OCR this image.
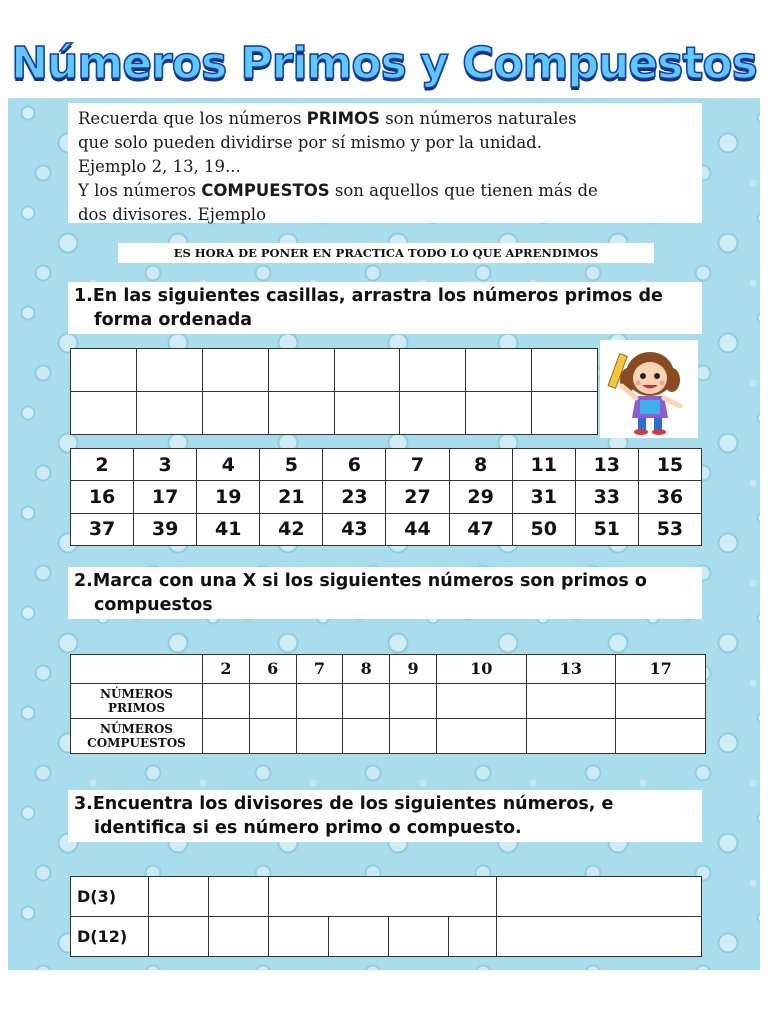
Números Primos y Compuestos
Recuerda que los números PRIMOS son números naturales
que solo pueden dividirse por sí mismo y por la unidad.
Ejemplo 2, 13, 19...
Y los números COMPUESTOS son aquellos que tienen más de
dos divisores. Ejemplo
ES HORA DE PONER EN PRACTICA TODO LO QUE APRENDIMOS
1.En las siguientes casillas, arrastra los números primos de
forma ordenada

2	3	4	5	6	7	8	11	13	15
16	17	19	21	23	27	29	31	33	36
37	39	41	42	43	44	47	50	51	53
2.Marca con una X si los siguientes números son primos o
compuestos
	2	6	7	8	9	10	13	17

NÚMEROS
PRIMOS								

NÚMEROS
COMPUESTOS								

3.Encuentra los divisores de los siguientes números, e
identifica si es número primo o compuesto.
D(3)							
D(12)							
